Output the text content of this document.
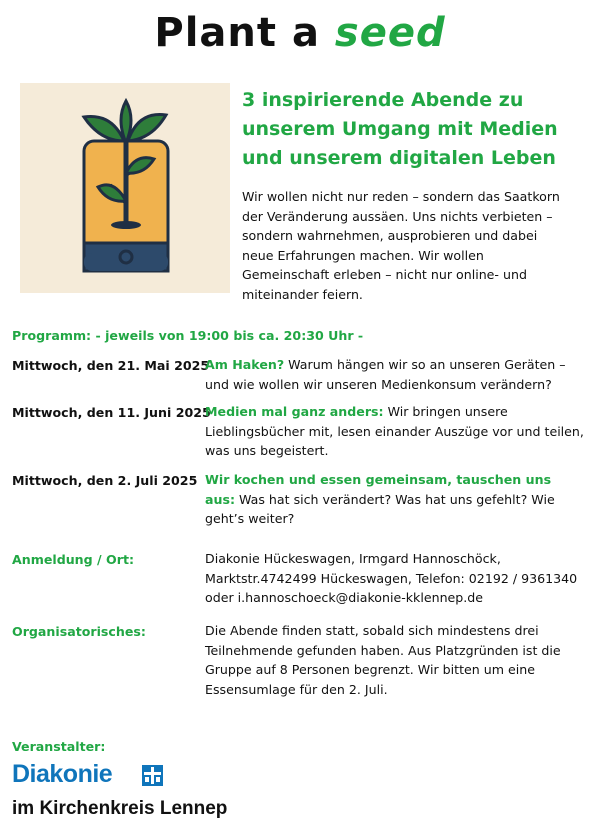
Plant a seed
3 inspirierende Abende zu unserem Umgang mit Medien und unserem digitalen Leben
Wir wollen nicht nur reden – sondern das Saatkorn der Veränderung aussäen. Uns nichts verbieten – sondern wahrnehmen, ausprobieren und dabei neue Erfahrungen machen. Wir wollen Gemeinschaft erleben – nicht nur online- und miteinander feiern.
Programm: - jeweils von 19:00 bis ca. 20:30 Uhr -
Mittwoch, den 21. Mai 2025
Am Haken? Warum hängen wir so an unseren Geräten – und wie wollen wir unseren Medienkonsum verändern?
Mittwoch, den 11. Juni 2025
Medien mal ganz anders: Wir bringen unsere Lieblingsbücher mit, lesen einander Auszüge vor und teilen, was uns begeistert.
Mittwoch, den 2. Juli 2025 Wir kochen und essen gemeinsam, tauschen uns aus: Was hat sich verändert? Was hat uns gefehlt? Wie geht’s weiter?
Anmeldung / Ort:	Diakonie Hückeswagen, Irmgard Hannoschöck,
Marktstr.4742499 Hückeswagen, Telefon: 02192 / 9361340
oder i.hannoschoeck@diakonie-kklennep.de
Organisatorisches:	Die Abende finden statt, sobald sich mindestens drei Teilnehmende gefunden haben. Aus Platzgründen ist die Gruppe auf 8 Personen begrenzt. Wir bitten um eine Essensumlage für den 2. Juli.
Veranstalter:
Diakonie
im Kirchenkreis Lennep
